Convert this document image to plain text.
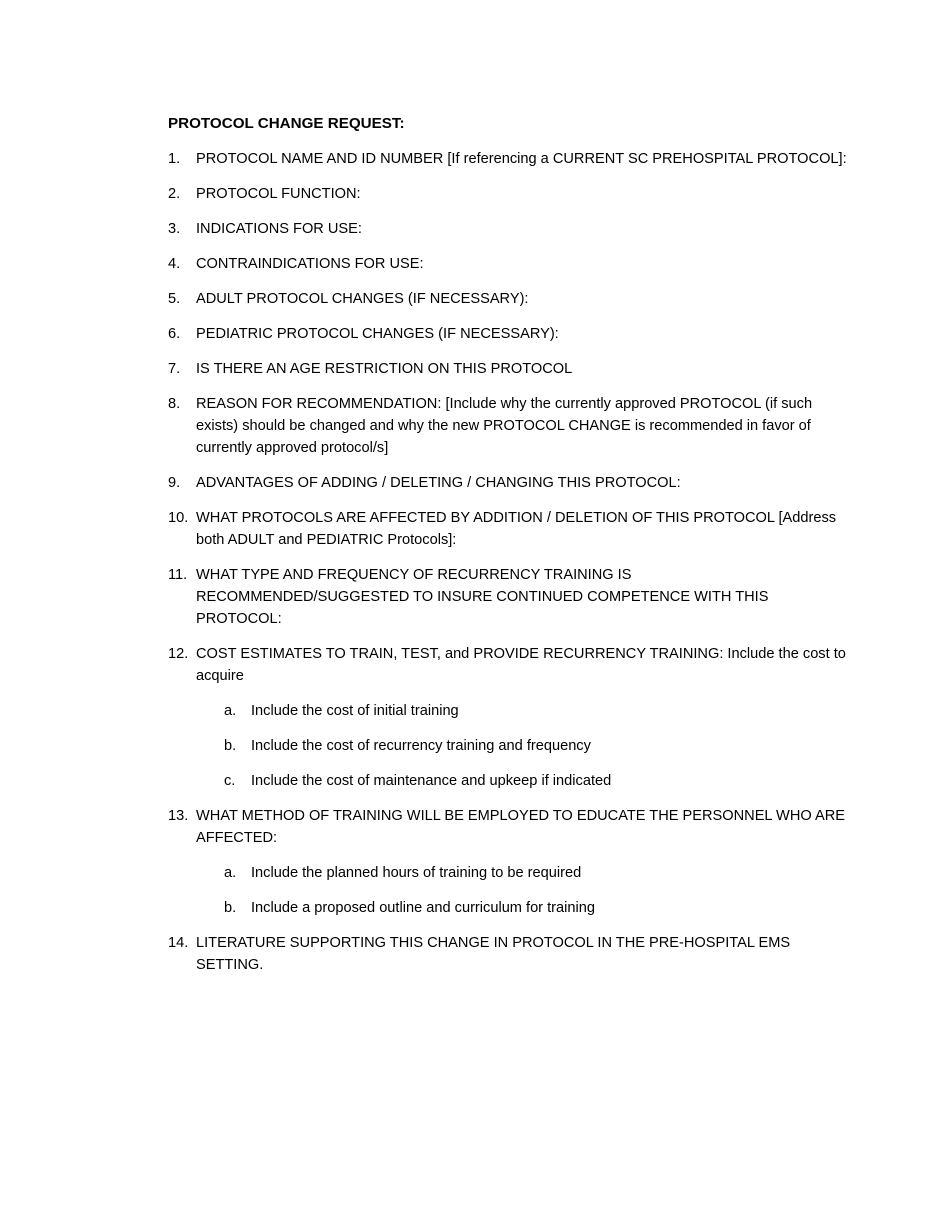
PROTOCOL CHANGE REQUEST:
1.	PROTOCOL NAME AND ID NUMBER [If referencing a CURRENT SC PREHOSPITAL PROTOCOL]:
2.	PROTOCOL FUNCTION:
3.	INDICATIONS FOR USE:
4.	CONTRAINDICATIONS FOR USE:
5.	ADULT PROTOCOL CHANGES (IF NECESSARY):
6.	PEDIATRIC PROTOCOL CHANGES (IF NECESSARY):
7.	IS THERE AN AGE RESTRICTION ON THIS PROTOCOL
8.	REASON FOR RECOMMENDATION: [Include why the currently approved PROTOCOL (if such exists) should be changed and why the new PROTOCOL CHANGE is recommended in favor of currently approved protocol/s]
9.	ADVANTAGES OF ADDING / DELETING / CHANGING THIS PROTOCOL:
10. WHAT PROTOCOLS ARE AFFECTED BY ADDITION / DELETION OF THIS PROTOCOL [Address both ADULT and PEDIATRIC Protocols]:
11. WHAT TYPE AND FREQUENCY OF RECURRENCY TRAINING IS RECOMMENDED/SUGGESTED TO INSURE CONTINUED COMPETENCE WITH THIS PROTOCOL:
12. COST ESTIMATES TO TRAIN, TEST, and PROVIDE RECURRENCY TRAINING: Include the cost to acquire
a.	Include the cost of initial training
b.	Include the cost of recurrency training and frequency
c.	Include the cost of maintenance and upkeep if indicated
13. WHAT METHOD OF TRAINING WILL BE EMPLOYED TO EDUCATE THE PERSONNEL WHO ARE AFFECTED:
a.	Include the planned hours of training to be required
b.	Include a proposed outline and curriculum for training
14. LITERATURE SUPPORTING THIS CHANGE IN PROTOCOL IN THE PRE-HOSPITAL EMS SETTING.
